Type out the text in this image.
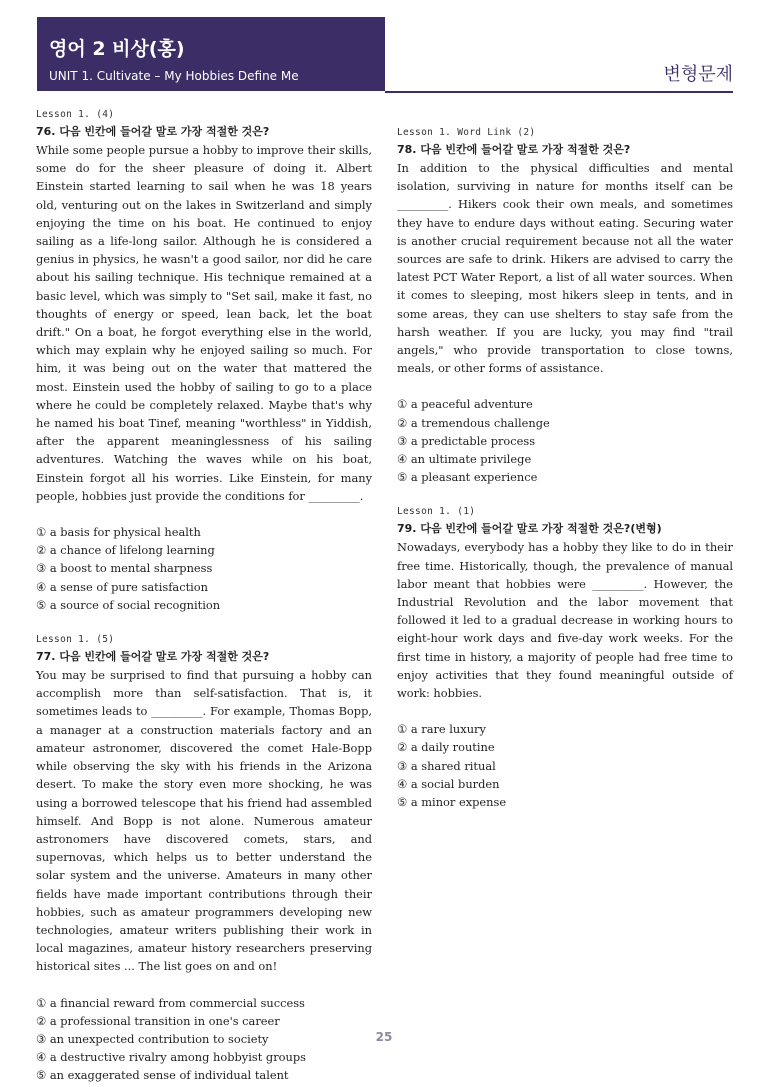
영어 2 비상(홍)
UNIT 1. Cultivate – My Hobbies Define Me	변형문제
Lesson 1. (4)
76. 다음 빈칸에 들어갈 말로 가장 적절한 것은?

While some people pursue a hobby to improve their skills, some do for the sheer pleasure of doing it. Albert Einstein started learning to sail when he was 18 years old, venturing out on the lakes in Switzerland and simply enjoying the time on his boat. He continued to enjoy sailing as a life-long sailor. Although he is considered a genius in physics, he wasn't a good sailor, nor did he care about his sailing technique. His technique remained at a basic level, which was simply to "Set sail, make it fast, no thoughts of energy or speed, lean back, let the boat drift." On a boat, he forgot everything else in the world, which may explain why he enjoyed sailing so much. For him, it was being out on the water that mattered the most. Einstein used the hobby of sailing to go to a place where he could be completely relaxed. Maybe that's why he named his boat Tinef, meaning "worthless" in Yiddish, after the apparent meaninglessness of his sailing adventures. Watching the waves while on his boat, Einstein forgot all his worries. Like Einstein, for many people, hobbies just provide the conditions for _________.

① a basis for physical health
② a chance of lifelong learning
③ a boost to mental sharpness
④ a sense of pure satisfaction
⑤ a source of social recognition
Lesson 1. (5)
77. 다음 빈칸에 들어갈 말로 가장 적절한 것은?

You may be surprised to find that pursuing a hobby can accomplish more than self-satisfaction. That is, it sometimes leads to _________. For example, Thomas Bopp, a manager at a construction materials factory and an amateur astronomer, discovered the comet Hale-Bopp while observing the sky with his friends in the Arizona desert. To make the story even more shocking, he was using a borrowed telescope that his friend had assembled himself. And Bopp is not alone. Numerous amateur astronomers have discovered comets, stars, and supernovas, which helps us to better understand the solar system and the universe. Amateurs in many other fields have made important contributions through their hobbies, such as amateur programmers developing new technologies, amateur writers publishing their work in local magazines, amateur history researchers preserving historical sites ... The list goes on and on!

① a financial reward from commercial success
② a professional transition in one's career
③ an unexpected contribution to society
④ a destructive rivalry among hobbyist groups
⑤ an exaggerated sense of individual talent
Lesson 1. Word Link (2)
78. 다음 빈칸에 들어갈 말로 가장 적절한 것은?

In addition to the physical difficulties and mental isolation, surviving in nature for months itself can be _________. Hikers cook their own meals, and sometimes they have to endure days without eating. Securing water is another crucial requirement because not all the water sources are safe to drink. Hikers are advised to carry the latest PCT Water Report, a list of all water sources. When it comes to sleeping, most hikers sleep in tents, and in some areas, they can use shelters to stay safe from the harsh weather. If you are lucky, you may find "trail angels," who provide transportation to close towns, meals, or other forms of assistance.

① a peaceful adventure
② a tremendous challenge
③ a predictable process
④ an ultimate privilege
⑤ a pleasant experience
Lesson 1. (1)
79. 다음 빈칸에 들어갈 말로 가장 적절한 것은?(변형)

Nowadays, everybody has a hobby they like to do in their free time. Historically, though, the prevalence of manual labor meant that hobbies were _________. However, the Industrial Revolution and the labor movement that followed it led to a gradual decrease in working hours to eight-hour work days and five-day work weeks. For the first time in history, a majority of people had free time to enjoy activities that they found meaningful outside of work: hobbies.

① a rare luxury
② a daily routine
③ a shared ritual
④ a social burden
⑤ a minor expense
25
